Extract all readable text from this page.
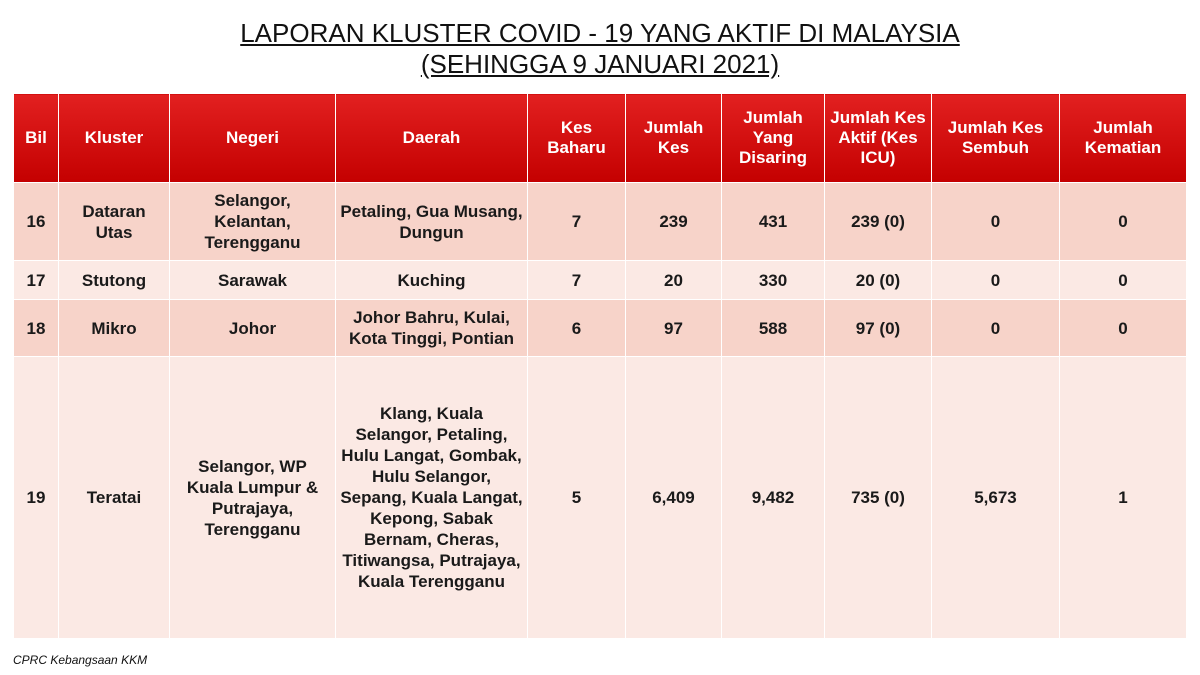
LAPORAN KLUSTER COVID - 19 YANG AKTIF DI MALAYSIA
(SEHINGGA 9 JANUARI 2021)
Bil	Kluster	Negeri	Daerah	Kes Baharu	Jumlah Kes	Jumlah Yang Disaring	Jumlah Kes Aktif (Kes ICU)	Jumlah Kes Sembuh	Jumlah Kematian
16	Dataran Utas	Selangor, Kelantan, Terengganu	Petaling, Gua Musang, Dungun	7	239	431	239 (0)	0	0
17	Stutong	Sarawak	Kuching	7	20	330	20 (0)	0	0
18	Mikro	Johor	Johor Bahru, Kulai, Kota Tinggi, Pontian	6	97	588	97 (0)	0	0
19	Teratai	Selangor, WP Kuala Lumpur & Putrajaya, Terengganu	Klang, Kuala Selangor, Petaling, Hulu Langat, Gombak, Hulu Selangor, Sepang, Kuala Langat, Kepong, Sabak Bernam, Cheras, Titiwangsa, Putrajaya, Kuala Terengganu	5	6,409	9,482	735 (0)	5,673	1
CPRC Kebangsaan KKM
